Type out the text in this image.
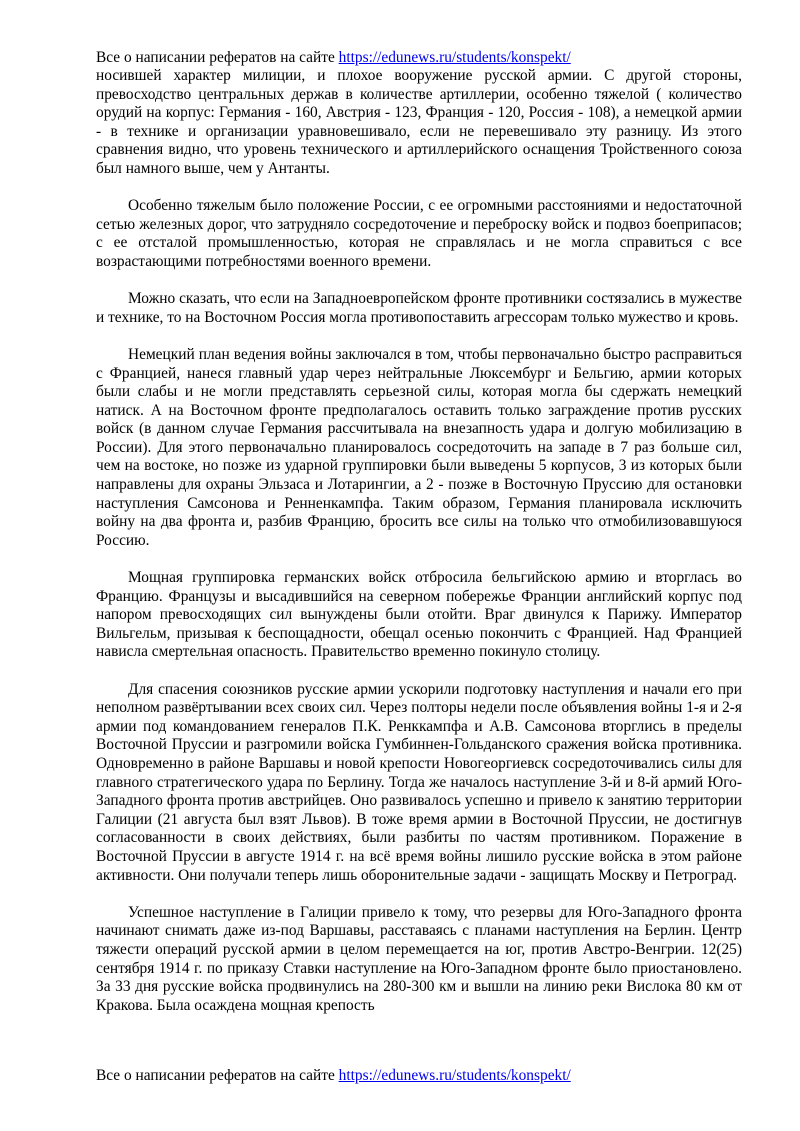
Все о написании рефератов на сайте https://edunews.ru/students/konspekt/

носившей характер милиции, и плохое вооружение русской армии. С другой стороны, превосходство центральных держав в количестве артиллерии, особенно тяжелой ( количество орудий на корпус: Германия - 160, Австрия - 123, Франция - 120, Россия - 108), а немецкой армии - в технике и организации уравновешивало, если не перевешивало эту разницу. Из этого сравнения видно, что уровень технического и артиллерийского оснащения Тройственного союза был намного выше, чем у Антанты.

Особенно тяжелым было положение России, с ее огромными расстояниями и недостаточной сетью железных дорог, что затрудняло сосредоточение и переброску войск и подвоз боеприпасов; с ее отсталой промышленностью, которая не справлялась и не могла справиться с все возрастающими потребностями военного времени.

Можно сказать, что если на Западноевропейском фронте противники состязались в мужестве и технике, то на Восточном Россия могла противопоставить агрессорам только мужество и кровь.

Немецкий план ведения войны заключался в том, чтобы первоначально быстро расправиться с Францией, нанеся главный удар через нейтральные Люксембург и Бельгию, армии которых были слабы и не могли представлять серьезной силы, которая могла бы сдержать немецкий натиск. А на Восточном фронте предполагалось оставить только заграждение против русских войск (в данном случае Германия рассчитывала на внезапность удара и долгую мобилизацию в России). Для этого первоначально планировалось сосредоточить на западе в 7 раз больше сил, чем на востоке, но позже из ударной группировки были выведены 5 корпусов, 3 из которых были направлены для охраны Эльзаса и Лотарингии, а 2 - позже в Восточную Пруссию для остановки наступления Самсонова и Ренненкампфа. Таким образом, Германия планировала исключить войну на два фронта и, разбив Францию, бросить все силы на только что отмобилизовавшуюся Россию.

Мощная группировка германских войск отбросила бельгийскою армию и вторглась во Францию. Французы и высадившийся на северном побережье Франции английский корпус под напором превосходящих сил вынуждены были отойти. Враг двинулся к Парижу. Император Вильгельм, призывая к беспощадности, обещал осенью покончить с Францией. Над Францией нависла смертельная опасность. Правительство временно покинуло столицу.

Для спасения союзников русские армии ускорили подготовку наступления и начали его при неполном развёртывании всех своих сил. Через полторы недели после объявления войны 1-я и 2-я армии под командованием генералов П.К. Ренккампфа и А.В. Самсонова вторглись в пределы Восточной Пруссии и разгромили войска Гумбиннен-Гольданского сражения войска противника. Одновременно в районе Варшавы и новой крепости Новогеоргиевск сосредоточивались силы для главного стратегического удара по Берлину. Тогда же началось наступление 3-й и 8-й армий Юго-Западного фронта против австрийцев. Оно развивалось успешно и привело к занятию территории Галиции (21 августа был взят Львов). В тоже время армии в Восточной Пруссии, не достигнув согласованности в своих действиях, были разбиты по частям противником. Поражение в Восточной Пруссии в августе 1914 г. на всё время войны лишило русские войска в этом районе активности. Они получали теперь лишь оборонительные задачи - защищать Москву и Петроград.

Успешное наступление в Галиции привело к тому, что резервы для Юго-Западного фронта начинают снимать даже из-под Варшавы, расставаясь с планами наступления на Берлин. Центр тяжести операций русской армии в целом перемещается на юг, против Австро-Венгрии. 12(25) сентября 1914 г. по приказу Ставки наступление на Юго-Западном фронте было приостановлено. За 33 дня русские войска продвинулись на 280-300 км и вышли на линию реки Вислока 80 км от Кракова. Была осаждена мощная крепость

Все о написании рефератов на сайте https://edunews.ru/students/konspekt/
